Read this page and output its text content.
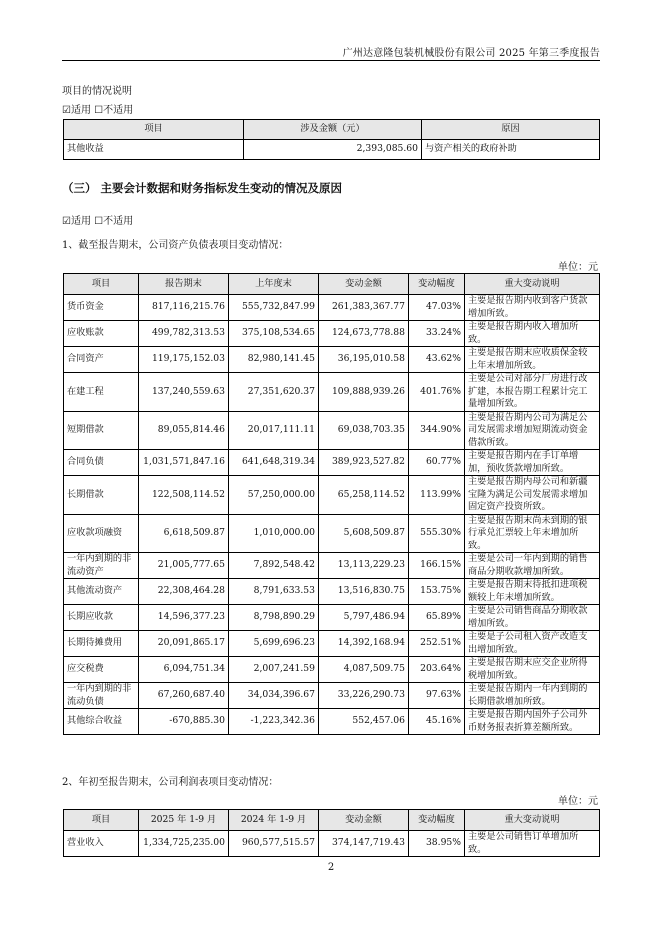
广州达意隆包装机械股份有限公司 2025 年第三季度报告
项目的情况说明
☑适用 ☐不适用
项目	涉及金额（元）	原因
其他收益	2,393,085.60	与资产相关的政府补助
（三） 主要会计数据和财务指标发生变动的情况及原因
☑适用 ☐不适用
1、截至报告期末，公司资产负债表项目变动情况：
单位：元
项目	报告期末	上年度末	变动金额	变动幅度	重大变动说明
货币资金	817,116,215.76	555,732,847.99	261,383,367.77	47.03%	主要是报告期内收到客户货款增加所致。
应收账款	499,782,313.53	375,108,534.65	124,673,778.88	33.24%	主要是报告期内收入增加所致。
合同资产	119,175,152.03	82,980,141.45	36,195,010.58	43.62%	主要是报告期末应收质保金较上年末增加所致。
在建工程	137,240,559.63	27,351,620.37	109,888,939.26	401.76%	主要是公司对部分厂房进行改扩建，本报告期工程累计完工量增加所致。
短期借款	89,055,814.46	20,017,111.11	69,038,703.35	344.90%	主要是报告期内公司为满足公司发展需求增加短期流动资金借款所致。
合同负债	1,031,571,847.16	641,648,319.34	389,923,527.82	60.77%	主要是报告期内在手订单增加，预收货款增加所致。
长期借款	122,508,114.52	57,250,000.00	65,258,114.52	113.99%	主要是报告期内母公司和新疆宝隆为满足公司发展需求增加固定资产投资所致。
应收款项融资	6,618,509.87	1,010,000.00	5,608,509.87	555.30%	主要是报告期末尚未到期的银行承兑汇票较上年末增加所致。
一年内到期的非流动资产	21,005,777.65	7,892,548.42	13,113,229.23	166.15%	主要是公司一年内到期的销售商品分期收款增加所致。
其他流动资产	22,308,464.28	8,791,633.53	13,516,830.75	153.75%	主要是报告期末待抵扣进项税额较上年末增加所致。
长期应收款	14,596,377.23	8,798,890.29	5,797,486.94	65.89%	主要是公司销售商品分期收款增加所致。
长期待摊费用	20,091,865.17	5,699,696.23	14,392,168.94	252.51%	主要是子公司租入资产改造支出增加所致。
应交税费	6,094,751.34	2,007,241.59	4,087,509.75	203.64%	主要是报告期末应交企业所得税增加所致。
一年内到期的非流动负债	67,260,687.40	34,034,396.67	33,226,290.73	97.63%	主要是报告期内一年内到期的长期借款增加所致。
其他综合收益	-670,885.30	-1,223,342.36	552,457.06	45.16%	主要是报告期内国外子公司外币财务报表折算差额所致。
2、年初至报告期末，公司利润表项目变动情况：
单位：元
项目	2025 年 1-9 月	2024 年 1-9 月	变动金额	变动幅度	重大变动说明
营业收入	1,334,725,235.00	960,577,515.57	374,147,719.43	38.95%	主要是公司销售订单增加所致。
2
